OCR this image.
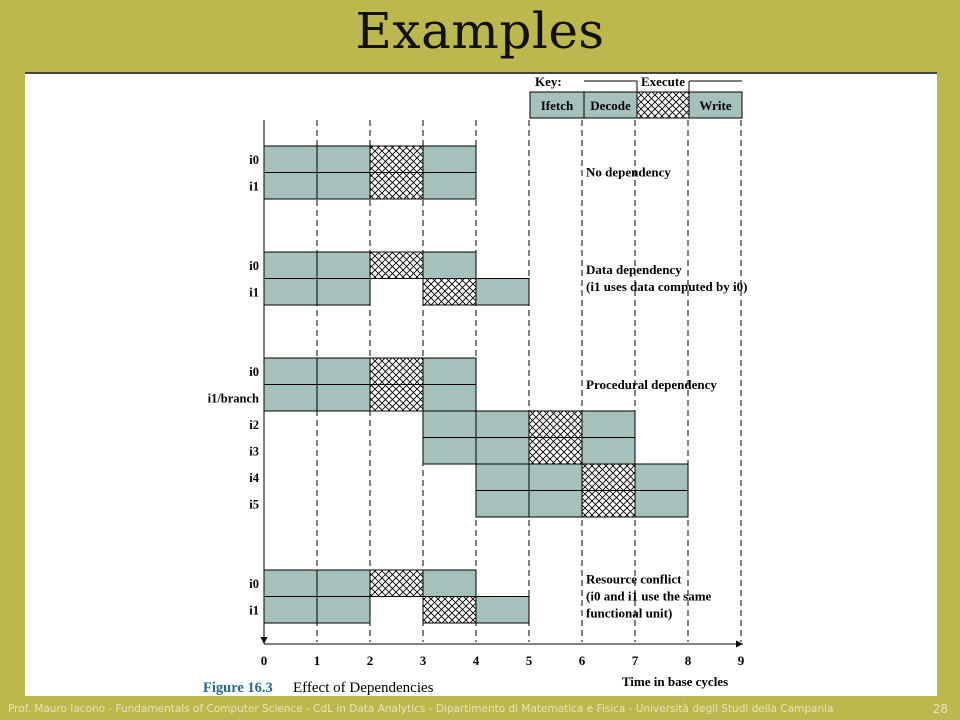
Examples
Key:	Execute
Ifetch Decode	Write
i0
i1
No dependency
i0
i1
Data dependency
(i1 uses data computed by i0)
i0
i1/branch
i2
i3
i4
i5
Procedural dependency
i0
i1
Resource conflict
(i0 and i1 use the same
functional unit)
Time in base cycles
0	1	2	3	4	5	6	7	8	9
Figure 16.3 Effect of Dependencies
Prof. Mauro Iacono - Fundamentals of Computer Science - CdL in Data Analytics - Dipartimento di Matematica e Fisica - Università degli Studi della Campania	28
